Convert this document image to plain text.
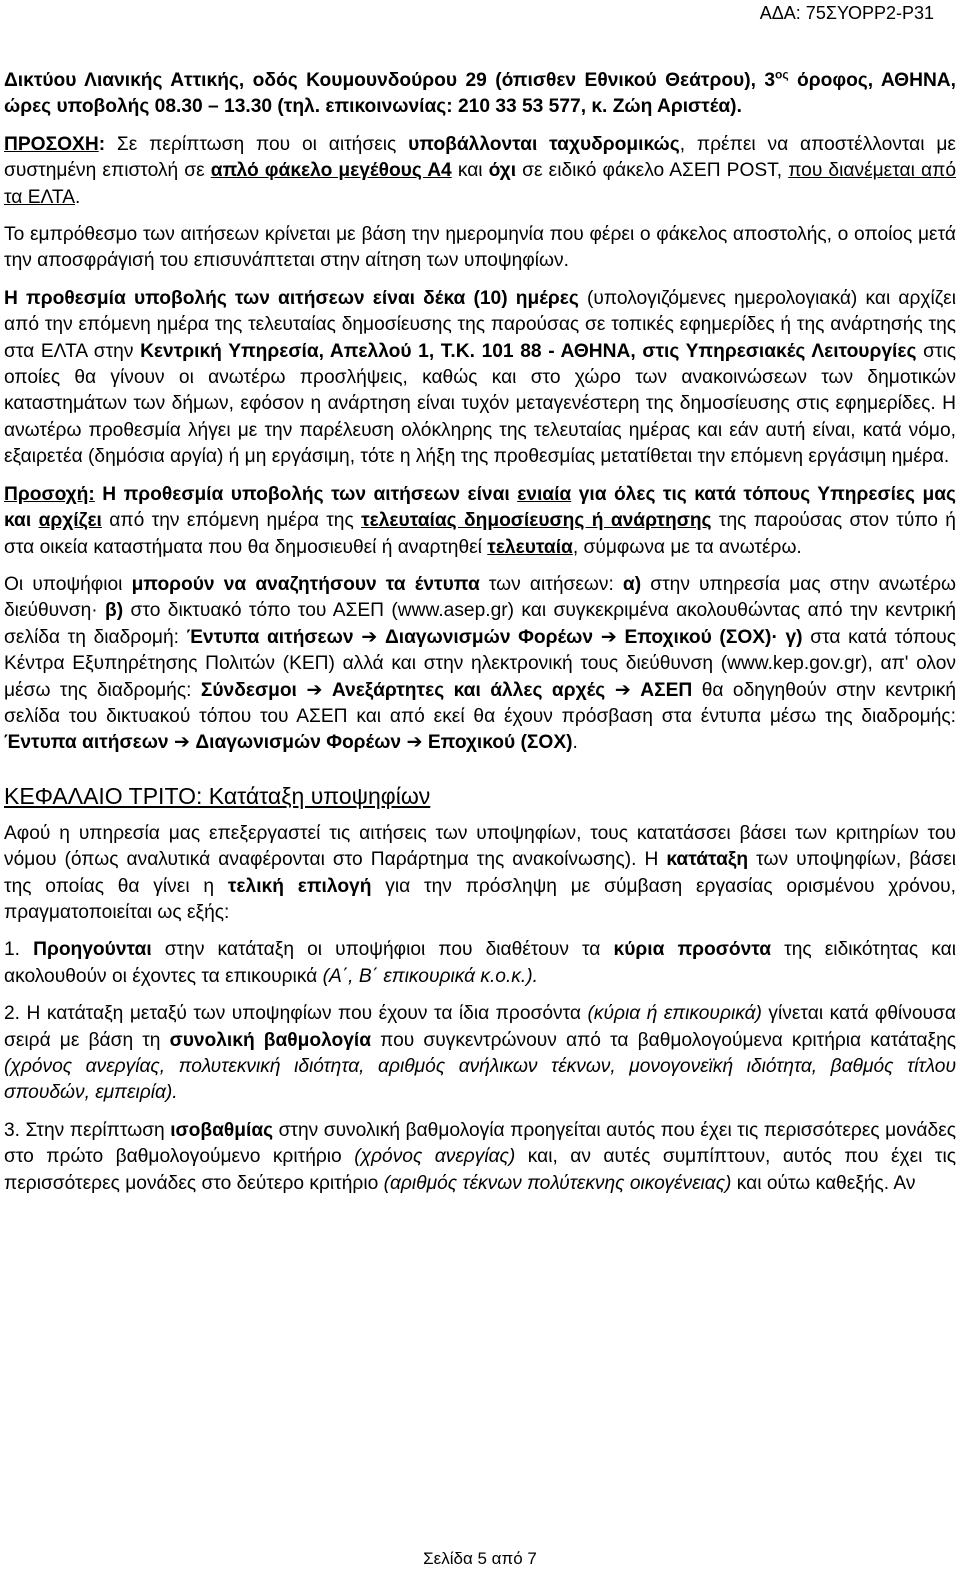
ΑΔΑ: 75ΣΥΟΡΡ2-Ρ31

Δικτύου Λιανικής Αττικής, οδός Κουμουνδούρου 29 (όπισθεν Εθνικού Θεάτρου), $3^{o\varsigma}$ όροφος, ΑΘΗΝΑ, ώρες υποβολής 08.30 – 13.30 (τηλ. επικοινωνίας: 210 33 53 577, κ. Ζώη Αριστέα).

ΠΡΟΣΟΧΗ: Σε περίπτωση που οι αιτήσεις υποβάλλονται ταχυδρομικώς, πρέπει να αποστέλλονται με συστημένη επιστολή σε απλό φάκελο μεγέθους Α4 και όχι σε ειδικό φάκελο ΑΣΕΠ POST, που διανέμεται από τα ΕΛΤΑ.

Το εμπρόθεσμο των αιτήσεων κρίνεται με βάση την ημερομηνία που φέρει ο φάκελος αποστολής, ο οποίος μετά την αποσφράγισή του επισυνάπτεται στην αίτηση των υποψηφίων.

Η προθεσμία υποβολής των αιτήσεων είναι δέκα (10) ημέρες (υπολογιζόμενες ημερολογιακά) και αρχίζει από την επόμενη ημέρα της τελευταίας δημοσίευσης της παρούσας σε τοπικές εφημερίδες ή της ανάρτησής της στα ΕΛΤΑ στην Κεντρική Υπηρεσία, Απελλού 1, Τ.Κ. 101 88 - ΑΘΗΝΑ, στις Υπηρεσιακές Λειτουργίες στις οποίες θα γίνουν οι ανωτέρω προσλήψεις, καθώς και στο χώρο των ανακοινώσεων των δημοτικών καταστημάτων των δήμων, εφόσον η ανάρτηση είναι τυχόν μεταγενέστερη της δημοσίευσης στις εφημερίδες. Η ανωτέρω προθεσμία λήγει με την παρέλευση ολόκληρης της τελευταίας ημέρας και εάν αυτή είναι, κατά νόμο, εξαιρετέα (δημόσια αργία) ή μη εργάσιμη, τότε η λήξη της προθεσμίας μετατίθεται την επόμενη εργάσιμη ημέρα.

Προσοχή: Η προθεσμία υποβολής των αιτήσεων είναι ενιαία για όλες τις κατά τόπους Υπηρεσίες μας και αρχίζει από την επόμενη ημέρα της τελευταίας δημοσίευσης ή ανάρτησης της παρούσας στον τύπο ή στα οικεία καταστήματα που θα δημοσιευθεί ή αναρτηθεί τελευταία, σύμφωνα με τα ανωτέρω.

Οι υποψήφιοι μπορούν να αναζητήσουν τα έντυπα των αιτήσεων: α) στην υπηρεσία μας στην ανωτέρω διεύθυνση· β) στο δικτυακό τόπο του ΑΣΕΠ (www.asep.gr) και συγκεκριμένα ακολουθώντας από την κεντρική σελίδα τη διαδρομή: Έντυπα αιτήσεων ➔ Διαγωνισμών Φορέων ➔ Εποχικού (ΣΟΧ)· γ) στα κατά τόπους Κέντρα Εξυπηρέτησης Πολιτών (ΚΕΠ) αλλά και στην ηλεκτρονική τους διεύθυνση (www.kep.gov.gr), απ' ολον μέσω της διαδρομής: Σύνδεσμοι ➔ Ανεξάρτητες και άλλες αρχές ➔ ΑΣΕΠ θα οδηγηθούν στην κεντρική σελίδα του δικτυακού τόπου του ΑΣΕΠ και από εκεί θα έχουν πρόσβαση στα έντυπα μέσω της διαδρομής: Έντυπα αιτήσεων ➔ Διαγωνισμών Φορέων ➔ Εποχικού (ΣΟΧ).

ΚΕΦΑΛΑΙΟ ΤΡΙΤΟ: Κατάταξη υποψηφίων

Αφού η υπηρεσία μας επεξεργαστεί τις αιτήσεις των υποψηφίων, τους κατατάσσει βάσει των κριτηρίων του νόμου (όπως αναλυτικά αναφέρονται στο Παράρτημα της ανακοίνωσης). Η κατάταξη των υποψηφίων, βάσει της οποίας θα γίνει η τελική επιλογή για την πρόσληψη με σύμβαση εργασίας ορισμένου χρόνου, πραγματοποιείται ως εξής:

1. Προηγούνται στην κατάταξη οι υποψήφιοι που διαθέτουν τα κύρια προσόντα της ειδικότητας και ακολουθούν οι έχοντες τα επικουρικά (Α΄, Β΄ επικουρικά κ.ο.κ.).

2. Η κατάταξη μεταξύ των υποψηφίων που έχουν τα ίδια προσόντα (κύρια ή επικουρικά) γίνεται κατά φθίνουσα σειρά με βάση τη συνολική βαθμολογία που συγκεντρώνουν από τα βαθμολογούμενα κριτήρια κατάταξης (χρόνος ανεργίας, πολυτεκνική ιδιότητα, αριθμός ανήλικων τέκνων, μονογονεϊκή ιδιότητα, βαθμός τίτλου σπουδών, εμπειρία).

3. Στην περίπτωση ισοβαθμίας στην συνολική βαθμολογία προηγείται αυτός που έχει τις περισσότερες μονάδες στο πρώτο βαθμολογούμενο κριτήριο (χρόνος ανεργίας) και, αν αυτές συμπίπτουν, αυτός που έχει τις περισσότερες μονάδες στο δεύτερο κριτήριο (αριθμός τέκνων πολύτεκνης οικογένειας) και ούτω καθεξής. Αν

Σελίδα 5 από 7
